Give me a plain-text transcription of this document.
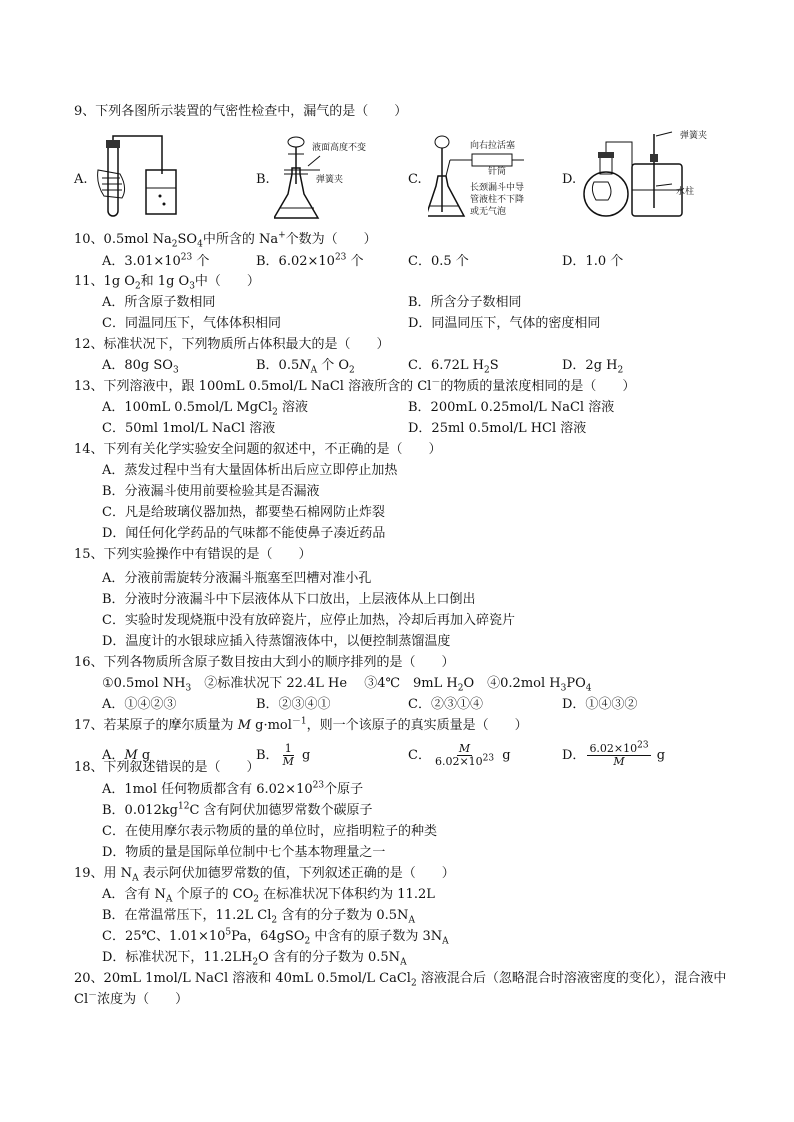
9、下列各图所示装置的气密性检查中，漏气的是（　　）
A.	B.
液面高度不变
弹簧夹	C.
向右拉活塞
针筒
长颈漏斗中导
管液柱不下降
或无气泡
D.
弹簧夹
水柱
10、0.5mol $Na_2SO_4$中所含的 Na+个数为（　　）
A．$3.01\times 10^{23}$ 个	B．$6.02\times 10^{23}$ 个	C．0.5 个	D．1.0 个
11、1g $O_2$和 1g $O_3$中（　　）
A．所含原子数相同	B．所含分子数相同
C．同温同压下，气体体积相同	D．同温同压下，气体的密度相同
12、标准状况下，下列物质所占体积最大的是（　　）
A．80g $SO_3$	B．$0.5N_A$ 个 $O_2$	C．6.72L $H_2S$	D．2g $H_2$
13、下列溶液中，跟 100mL 0.5mol/L NaCl 溶液所含的 Cl－的物质的量浓度相同的是（　　）
A．100mL 0.5mol/L MgCl$_2$ 溶液	B．200mL 0.25mol/L NaCl 溶液
C．50ml 1mol/L NaCl 溶液	D．25ml 0.5mol/L HCl 溶液
14、下列有关化学实验安全问题的叙述中，不正确的是（　　）
A．蒸发过程中当有大量固体析出后应立即停止加热
B．分液漏斗使用前要检验其是否漏液
C．凡是给玻璃仪器加热，都要垫石棉网防止炸裂
D．闻任何化学药品的气味都不能使鼻子凑近药品
15、下列实验操作中有错误的是（　　）
A．分液前需旋转分液漏斗瓶塞至凹槽对准小孔
B．分液时分液漏斗中下层液体从下口放出，上层液体从上口倒出
C．实验时发现烧瓶中没有放碎瓷片，应停止加热，冷却后再加入碎瓷片
D．温度计的水银球应插入待蒸馏液体中，以便控制蒸馏温度
16、下列各物质所含原子数目按由大到小的顺序排列的是（　　）
①0.5mol $NH_3$　②标准状况下 22.4L He　 ③4℃　9mL $H_2O$　④0.2mol $H_3PO_4$
A．①④②③	B．②③④①	C．②③①④	D．①④③②
17、若某原子的摩尔质量为 M g·mol$^{-1}$，则一个该原子的真实质量是（　　）
A．M g	B． $\frac{1}{M}$ g	C． $\frac{M}{6.02\times 10^{23}}$ g	D． $\frac{6.02\times 10^{23}}{M}$ g
18、下列叙述错误的是（　　）
A．1mol 任何物质都含有 $6.02\times 10^{23}$个原子
B．$0.012kg^{12}C$ 含有阿伏加德罗常数个碳原子
C．在使用摩尔表示物质的量的单位时，应指明粒子的种类
D．物质的量是国际单位制中七个基本物理量之一
19、用 $N_A$ 表示阿伏加德罗常数的值，下列叙述正确的是（　　）
A．含有 $N_A$ 个原子的 $CO_2$ 在标准状况下体积约为 11.2L
B．在常温常压下，11.2L $Cl_2$ 含有的分子数为 $0.5N_A$
C．25℃、$1.01\times 10^5Pa$，64gSO$_2$ 中含有的原子数为 $3N_A$
D．标准状况下，$11.2LH_2O$ 含有的分子数为 $0.5N_A$
20、20mL 1mol/L NaCl 溶液和 40mL 0.5mol/L CaCl$_2$ 溶液混合后（忽略混合时溶液密度的变化），混合液中
Cl－浓度为（　　）
